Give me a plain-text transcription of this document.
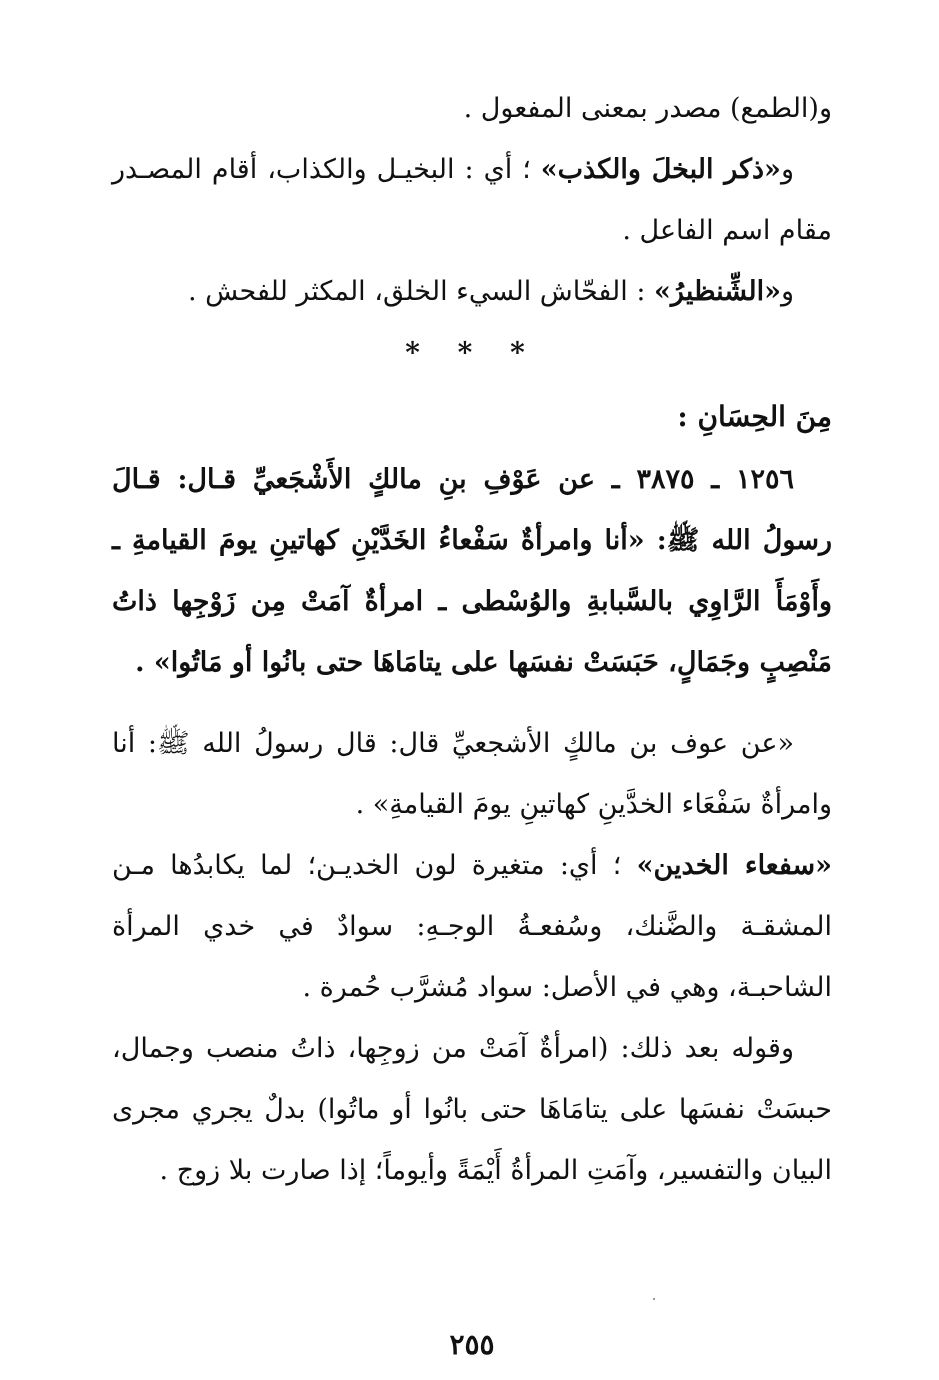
و(الطمع) مصدر بمعنى المفعول .

و«ذكر البخلَ والكذب» ؛ أي : البخيـل والكذاب، أقام المصـدر مقام اسم الفاعل .

و«الشِّنظيرُ» : الفحّاش السيء الخلق، المكثر للفحش .

* * *
مِنَ الحِسَانِ :

١٢٥٦ ـ ٣٨٧٥ ـ عن عَوْفِ بنِ مالكٍ الأَشْجَعيِّ قـال: قـالَ رسولُ الله ﷺ: «أنا وامرأةٌ سَفْعاءُ الخَدَّيْنِ كهاتينِ يومَ القيامةِ ـ وأَوْمَأَ الرَّاوِي بالسَّبابةِ والوُسْطى ـ امرأةٌ آمَتْ مِن زَوْجِها ذاتُ مَنْصِبٍ وجَمَالٍ، حَبَسَتْ نفسَها على يتامَاهَا حتى بانُوا أو مَاتُوا» .

«عن عوف بن مالكٍ الأشجعيِّ قال: قال رسولُ الله ﷺ: أنا وامرأةٌ سَفْعَاء الخدَّينِ كهاتينِ يومَ القيامةِ» .

«سفعاء الخدين» ؛ أي: متغيرة لون الخديـن؛ لما يكابدُها مـن المشقـة والضَّنك، وسُفعـةُ الوجـهِ: سوادٌ في خدي المرأة الشاحبـة، وهي في الأصل: سواد مُشرَّب حُمرة .

وقوله بعد ذلك: (امرأةٌ آمَتْ من زوجِها، ذاتُ منصب وجمال، حبسَتْ نفسَها على يتامَاهَا حتى بانُوا أو ماتُوا) بدلٌ يجري مجرى البيان والتفسير، وآمَتِ المرأةُ أَيْمَةً وأيوماً؛ إذا صارت بلا زوج .

٢٥٥
